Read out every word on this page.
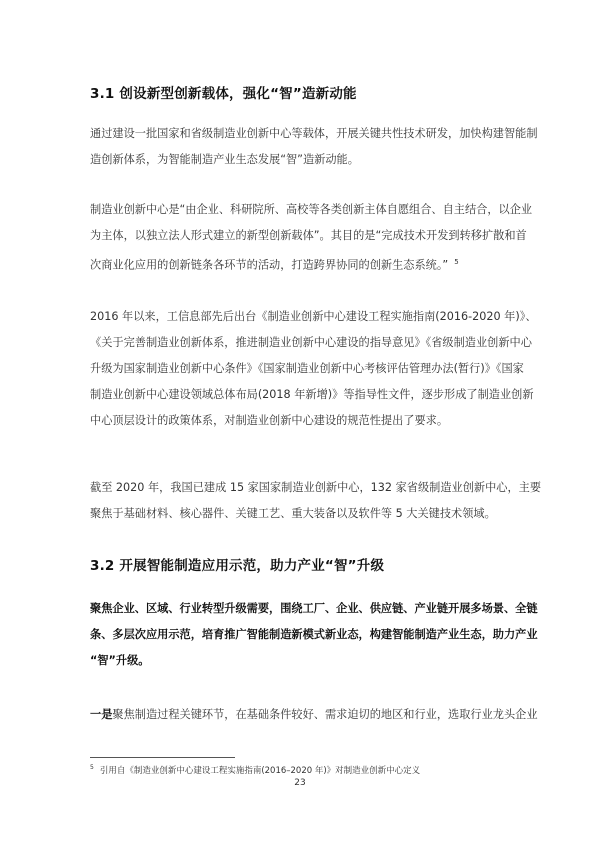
3.1 创设新型创新载体，强化“智”造新动能
通过建设一批国家和省级制造业创新中心等载体，开展关键共性技术研发，加快构建智能制
造创新体系，为智能制造产业生态发展“智”造新动能。
制造业创新中心是“由企业、科研院所、高校等各类创新主体自愿组合、自主结合，以企业
为主体，以独立法人形式建立的新型创新载体”。其目的是“完成技术开发到转移扩散和首
次商业化应用的创新链条各环节的活动，打造跨界协同的创新生态系统。” $^5$
2016 年以来，工信息部先后出台《制造业创新中心建设工程实施指南(2016-2020 年)》、
《关于完善制造业创新体系，推进制造业创新中心建设的指导意见》《省级制造业创新中心
升级为国家制造业创新中心条件》《国家制造业创新中心考核评估管理办法(暂行)》《国家
制造业创新中心建设领域总体布局(2018 年新增)》等指导性文件，逐步形成了制造业创新
中心顶层设计的政策体系，对制造业创新中心建设的规范性提出了要求。
截至 2020 年，我国已建成 15 家国家制造业创新中心，132 家省级制造业创新中心，主要
聚焦于基础材料、核心器件、关键工艺、重大装备以及软件等 5 大关键技术领域。
3.2 开展智能制造应用示范，助力产业“智”升级
聚焦企业、区域、行业转型升级需要，围绕工厂、企业、供应链、产业链开展多场景、全链
条、多层次应用示范，培育推广智能制造新模式新业态，构建智能制造产业生态，助力产业
“智”升级。
一是聚焦制造过程关键环节，在基础条件较好、需求迫切的地区和行业，选取行业龙头企业
$^5$ 引用自《制造业创新中心建设工程实施指南(2016–2020 年)》对制造业创新中心定义
23
